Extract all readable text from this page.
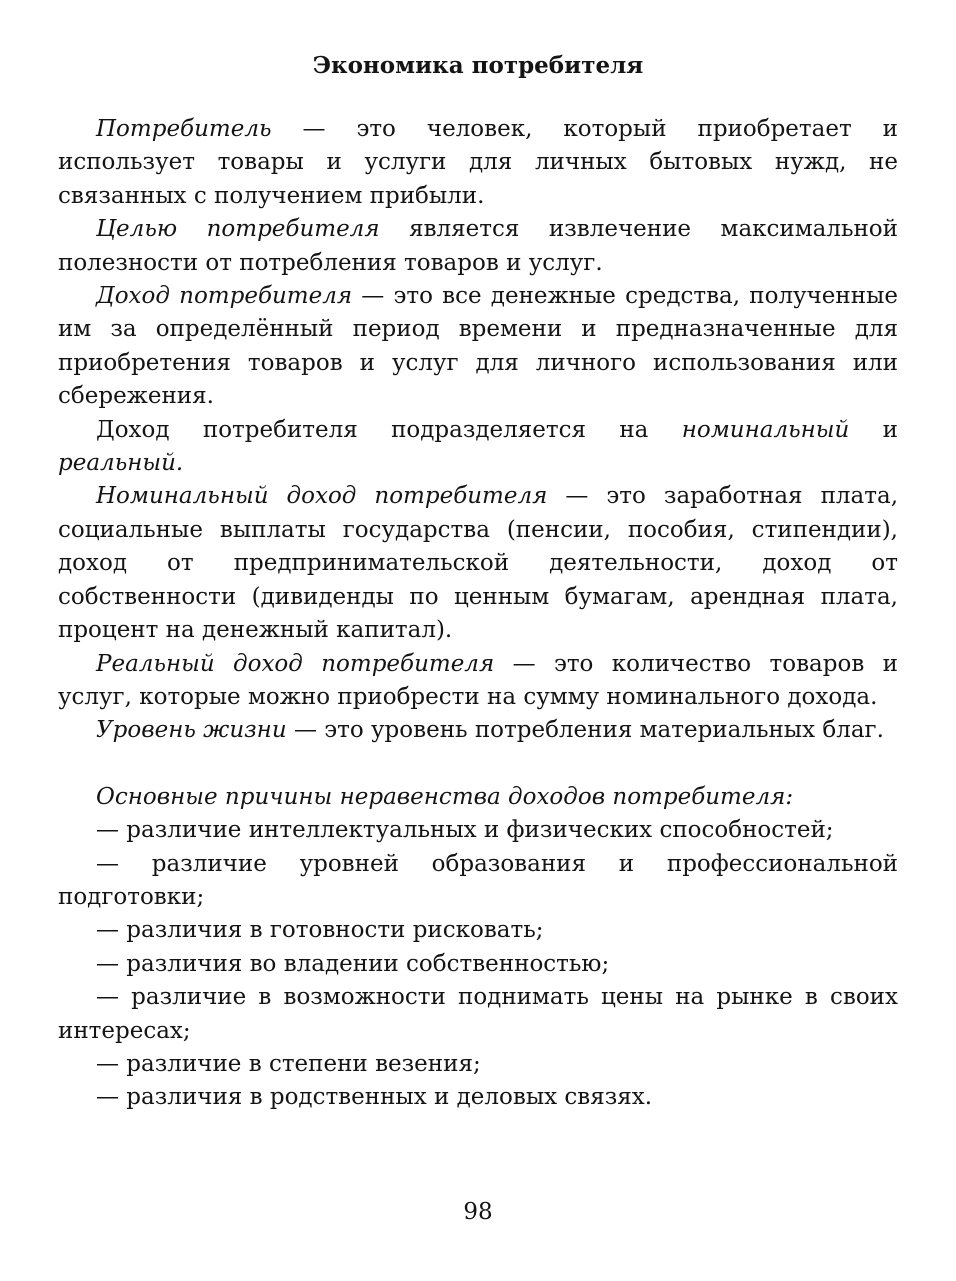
Экономика потребителя

Потребитель — это человек, который приобретает и использует товары и услуги для личных бытовых нужд, не связанных с получением прибыли.

Целью потребителя является извлечение максимальной полезности от потребления товаров и услуг.

Доход потребителя — это все денежные средства, полученные им за определённый период времени и предназначенные для приобретения товаров и услуг для личного использования или сбережения.

Доход потребителя подразделяется на номинальный и реальный.

Номинальный доход потребителя — это заработная плата, социальные выплаты государства (пенсии, пособия, стипендии), доход от предпринимательской деятельности, доход от собственности (дивиденды по ценным бумагам, арендная плата, процент на денежный капитал).

Реальный доход потребителя — это количество товаров и услуг, которые можно приобрести на сумму номинального дохода.

Уровень жизни — это уровень потребления материальных благ.

Основные причины неравенства доходов потребителя:

— различие интеллектуальных и физических способностей;

— различие уровней образования и профессиональной подготовки;

— различия в готовности рисковать;

— различия во владении собственностью;

— различие в возможности поднимать цены на рынке в своих интересах;

— различие в степени везения;

— различия в родственных и деловых связях.

98
